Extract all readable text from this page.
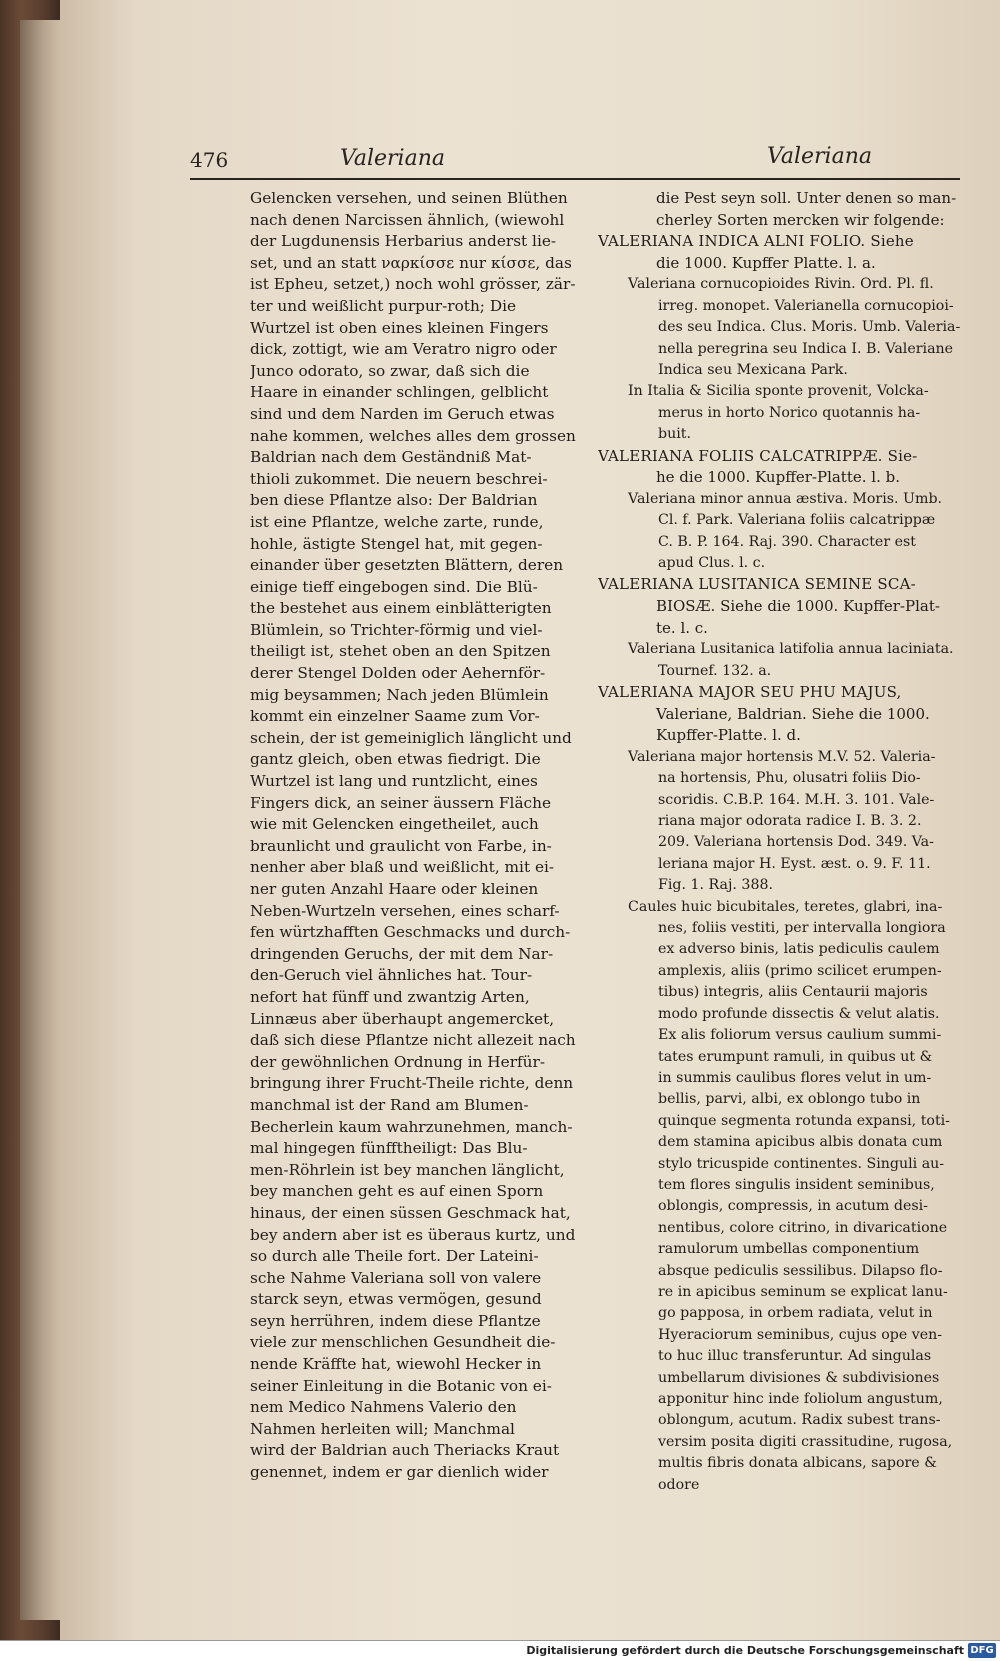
476	Valeriana	Valeriana
Gelencken versehen, und seinen Blüthen
nach denen Narcissen ähnlich, (wiewohl
der Lugdunensis Herbarius anderst lie-
set, und an statt ναρκίσσε nur κίσσε, das
ist Epheu, setzet,) noch wohl grösser, zär-
ter und weißlicht purpur-roth; Die
Wurtzel ist oben eines kleinen Fingers
dick, zottigt, wie am Veratro nigro oder
Junco odorato, so zwar, daß sich die
Haare in einander schlingen, gelblicht
sind und dem Narden im Geruch etwas
nahe kommen, welches alles dem grossen
Baldrian nach dem Geständniß Mat-
thioli zukommet. Die neuern beschrei-
ben diese Pflantze also: Der Baldrian
ist eine Pflantze, welche zarte, runde,
hohle, ästigte Stengel hat, mit gegen-
einander über gesetzten Blättern, deren
einige tieff eingebogen sind. Die Blü-
the bestehet aus einem einblätterigten
Blümlein, so Trichter-förmig und viel-
theiligt ist, stehet oben an den Spitzen
derer Stengel Dolden oder Aehernför-
mig beysammen; Nach jeden Blümlein
kommt ein einzelner Saame zum Vor-
schein, der ist gemeiniglich länglicht und
gantz gleich, oben etwas fiedrigt. Die
Wurtzel ist lang und runtzlicht, eines
Fingers dick, an seiner äussern Fläche
wie mit Gelencken eingetheilet, auch
braunlicht und graulicht von Farbe, in-
nenher aber blaß und weißlicht, mit ei-
ner guten Anzahl Haare oder kleinen
Neben-Wurtzeln versehen, eines scharf-
fen würtzhafften Geschmacks und durch-
dringenden Geruchs, der mit dem Nar-
den-Geruch viel ähnliches hat. Tour-
nefort hat fünff und zwantzig Arten,
Linnæus aber überhaupt angemercket,
daß sich diese Pflantze nicht allezeit nach
der gewöhnlichen Ordnung in Herfür-
bringung ihrer Frucht-Theile richte, denn
manchmal ist der Rand am Blumen-
Becherlein kaum wahrzunehmen, manch-
mal hingegen fünfftheiligt: Das Blu-
men-Röhrlein ist bey manchen länglicht,
bey manchen geht es auf einen Sporn
hinaus, der einen süssen Geschmack hat,
bey andern aber ist es überaus kurtz, und
so durch alle Theile fort. Der Lateini-
sche Nahme Valeriana soll von valere
starck seyn, etwas vermögen, gesund
seyn herrühren, indem diese Pflantze
viele zur menschlichen Gesundheit die-
nende Kräffte hat, wiewohl Hecker in
seiner Einleitung in die Botanic von ei-
nem Medico Nahmens Valerio den
Nahmen herleiten will; Manchmal
wird der Baldrian auch Theriacks Kraut
genennet, indem er gar dienlich wider
die Pest seyn soll. Unter denen so man-
cherley Sorten mercken wir folgende:
VALERIANA INDICA ALNI FOLIO. Siehe
die 1000. Kupffer Platte. l. a.
Valeriana cornucopioides Rivin. Ord. Pl. fl.
irreg. monopet. Valerianella cornucopioi-
des seu Indica. Clus. Moris. Umb. Valeria-
nella peregrina seu Indica I. B. Valeriane
Indica seu Mexicana Park.
In Italia & Sicilia sponte provenit, Volcka-
merus in horto Norico quotannis ha-
buit.
VALERIANA FOLIIS CALCATRIPPÆ. Sie-
he die 1000. Kupffer-Platte. l. b.
Valeriana minor annua æstiva. Moris. Umb.
Cl. f. Park. Valeriana foliis calcatrippæ
C. B. P. 164. Raj. 390. Character est
apud Clus. l. c.
VALERIANA LUSITANICA SEMINE SCA-
BIOSÆ. Siehe die 1000. Kupffer-Plat-
te. l. c.
Valeriana Lusitanica latifolia annua laciniata.
Tournef. 132. a.
VALERIANA MAJOR SEU PHU MAJUS,
Valeriane, Baldrian. Siehe die 1000.
Kupffer-Platte. l. d.
Valeriana major hortensis M.V. 52. Valeria-
na hortensis, Phu, olusatri foliis Dio-
scoridis. C.B.P. 164. M.H. 3. 101. Vale-
riana major odorata radice I. B. 3. 2.
209. Valeriana hortensis Dod. 349. Va-
leriana major H. Eyst. æst. o. 9. F. 11.
Fig. 1. Raj. 388.
Caules huic bicubitales, teretes, glabri, ina-
nes, foliis vestiti, per intervalla longiora
ex adverso binis, latis pediculis caulem
amplexis, aliis (primo scilicet erumpen-
tibus) integris, aliis Centaurii majoris
modo profunde dissectis & velut alatis.
Ex alis foliorum versus caulium summi-
tates erumpunt ramuli, in quibus ut &
in summis caulibus flores velut in um-
bellis, parvi, albi, ex oblongo tubo in
quinque segmenta rotunda expansi, toti-
dem stamina apicibus albis donata cum
stylo tricuspide continentes. Singuli au-
tem flores singulis insident seminibus,
oblongis, compressis, in acutum desi-
nentibus, colore citrino, in divaricatione
ramulorum umbellas componentium
absque pediculis sessilibus. Dilapso flo-
re in apicibus seminum se explicat lanu-
go papposa, in orbem radiata, velut in
Hyeraciorum seminibus, cujus ope ven-
to huc illuc transferuntur. Ad singulas
umbellarum divisiones & subdivisiones
apponitur hinc inde foliolum angustum,
oblongum, acutum. Radix subest trans-
versim posita digiti crassitudine, rugosa,
multis fibris donata albicans, sapore &
odore
Digitalisierung gefördert durch die Deutsche Forschungsgemeinschaft DFG
